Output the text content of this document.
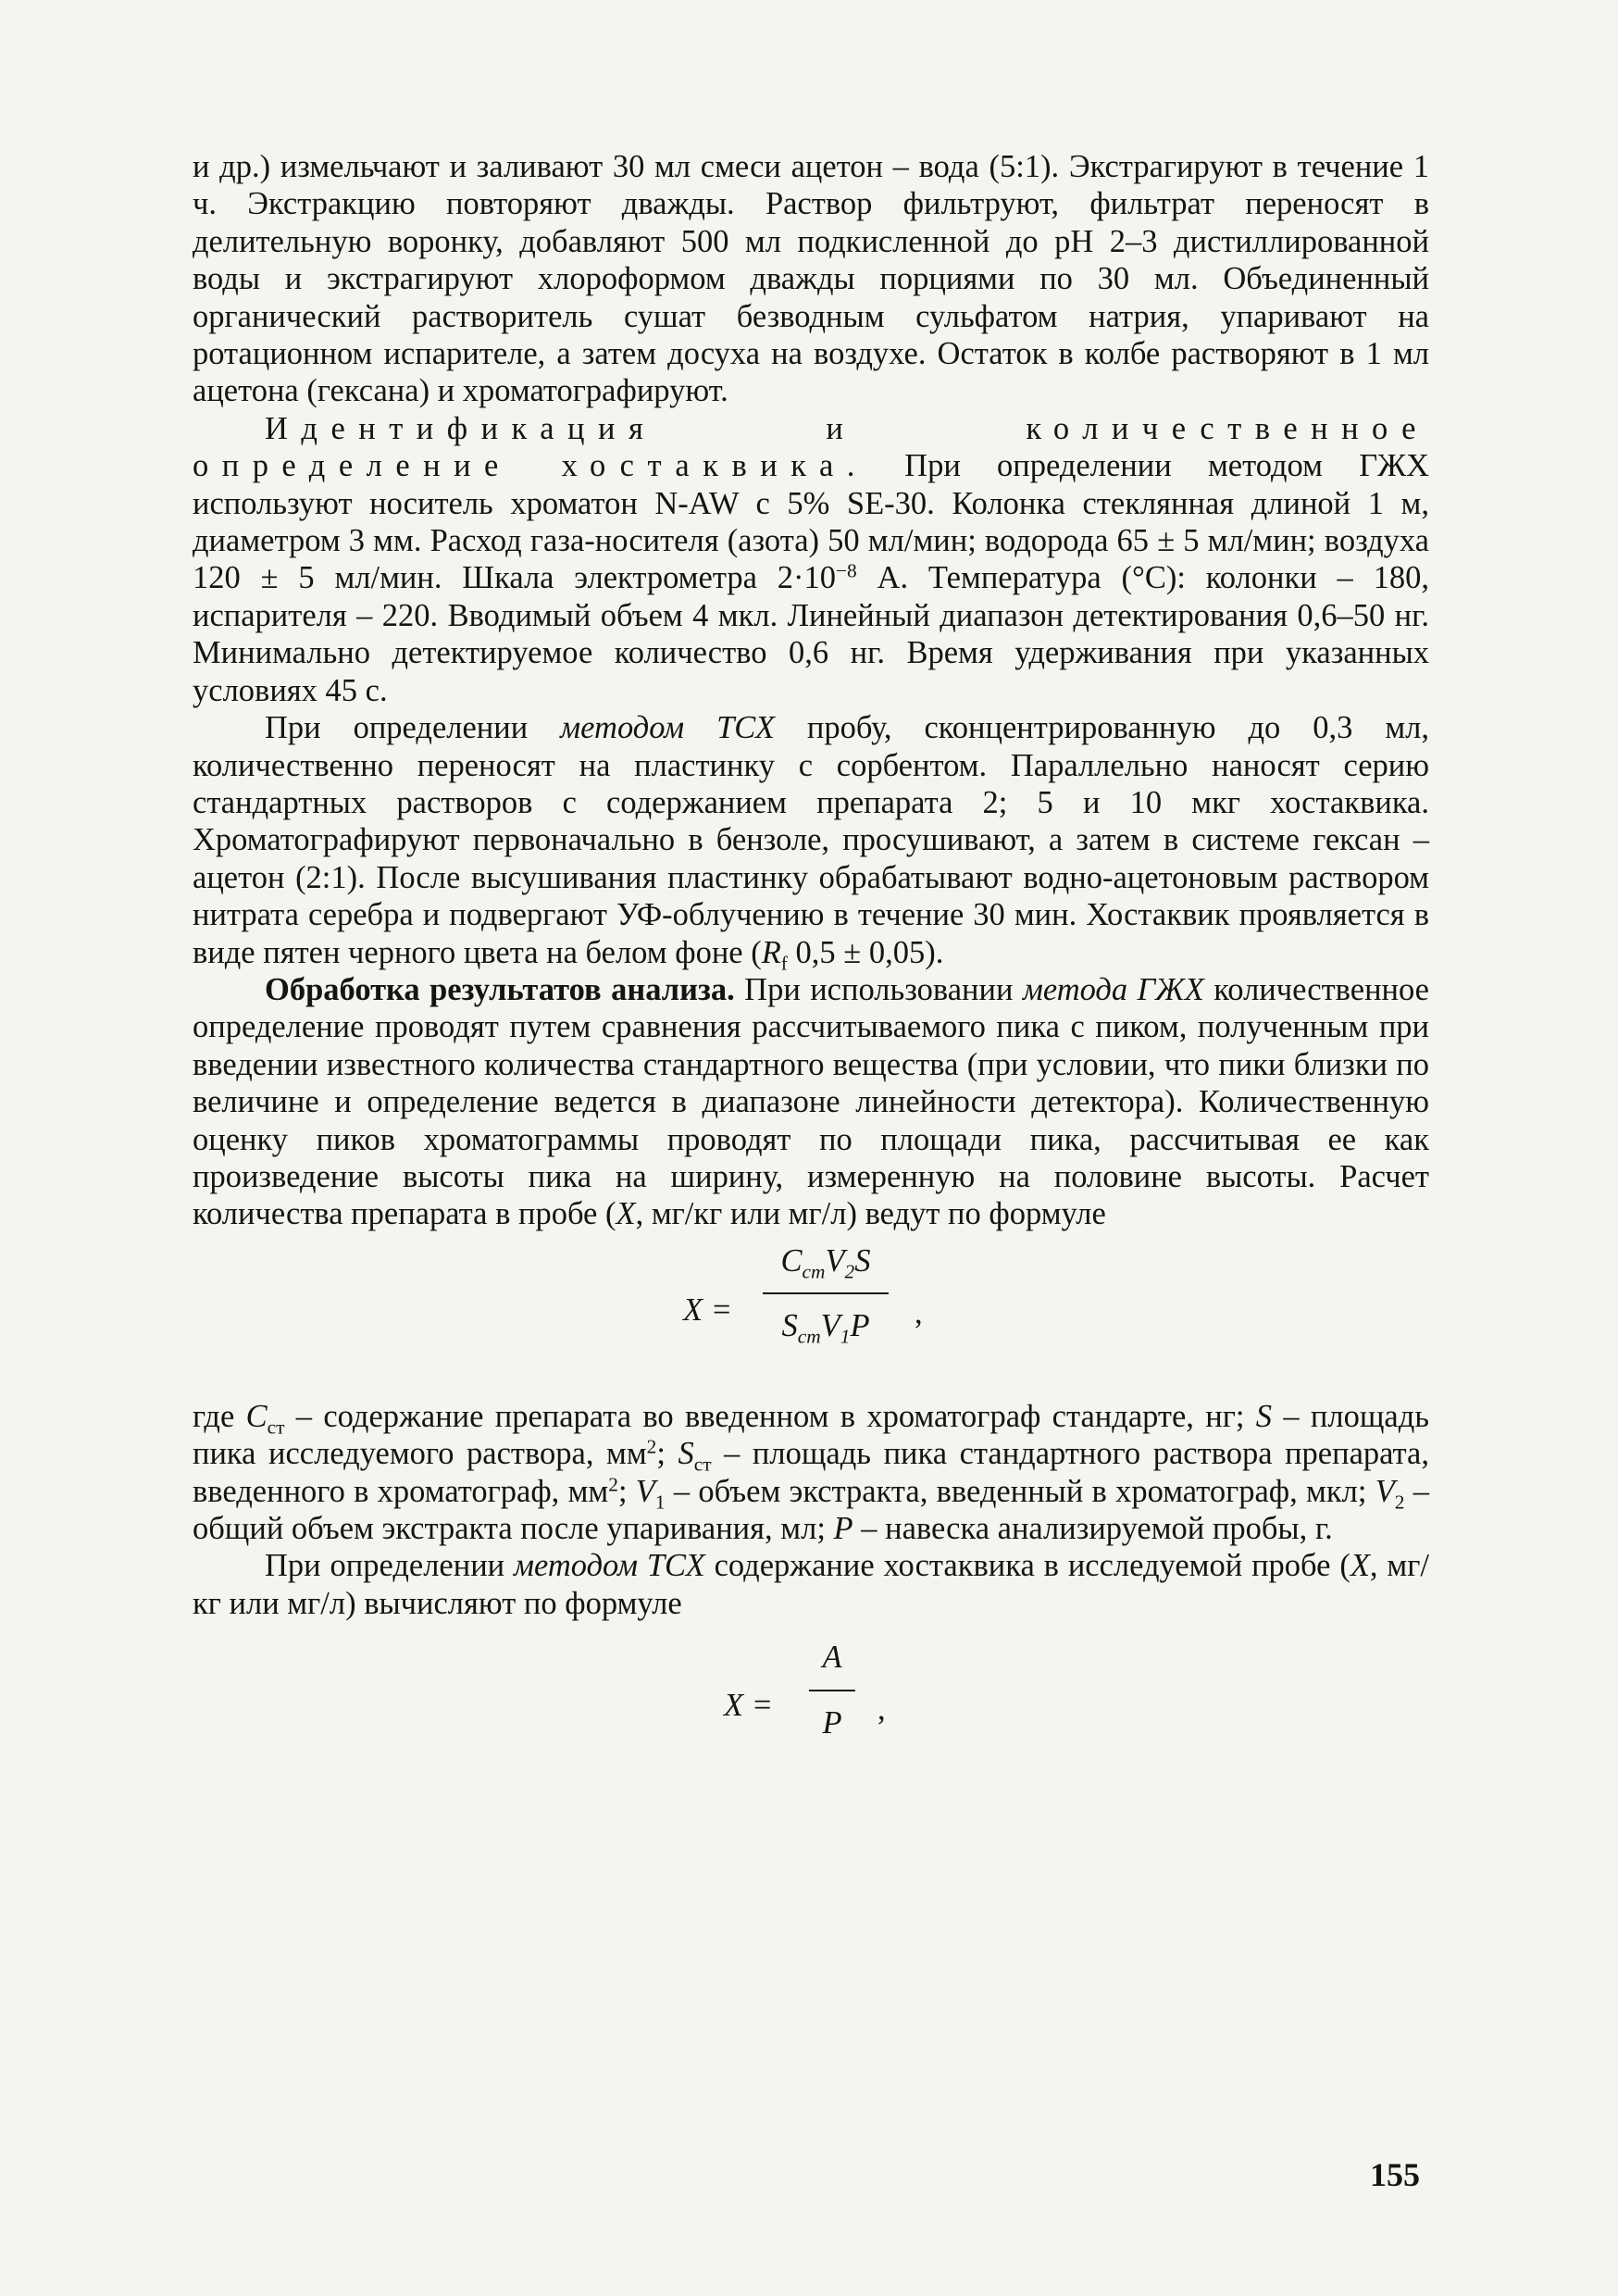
и др.) измельчают и заливают 30 мл смеси ацетон – вода (5:1). Экстрагируют в течение 1 ч. Экстракцию повторяют дважды. Раствор фильтруют, фильтрат переносят в делительную воронку, добавляют 500 мл подкисленной до pH 2–3 дистиллированной воды и экстрагируют хлороформом дважды порциями по 30 мл. Объединенный органический растворитель сушат безводным сульфатом натрия, упаривают на ротационном испарителе, а затем досуха на воздухе. Остаток в колбе растворяют в 1 мл ацетона (гексана) и хроматографируют.

Идентификация и количественное определение хостаквика. При определении методом ГЖХ используют носитель хроматон N-AW с 5% SE-30. Колонка стеклянная длиной 1 м, диаметром 3 мм. Расход газа-носителя (азота) 50 мл/мин; водорода 65 ± 5 мл/мин; воздуха 120 ± 5 мл/мин. Шкала электрометра $2\cdot 10^{-8}$ А. Температура (°С): колонки – 180, испарителя – 220. Вводимый объем 4 мкл. Линейный диапазон детектирования 0,6–50 нг. Минимально детектируемое количество 0,6 нг. Время удерживания при указанных условиях 45 с.

При определении методом ТСХ пробу, сконцентрированную до 0,3 мл, количественно переносят на пластинку с сорбентом. Параллельно наносят серию стандартных растворов с содержанием препарата 2; 5 и 10 мкг хостаквика. Хроматографируют первоначально в бензоле, просушивают, а затем в системе гексан – ацетон (2:1). После высушивания пластинку обрабатывают водно-ацетоновым раствором нитрата серебра и подвергают УФ-облучению в течение 30 мин. Хостаквик проявляется в виде пятен черного цвета на белом фоне ($R_f$ 0,5 ± 0,05).

Обработка результатов анализа. При использовании метода ГЖХ количественное определение проводят путем сравнения рассчитываемого пика с пиком, полученным при введении известного количества стандартного вещества (при условии, что пики близки по величине и определение ведется в диапазоне линейности детектора). Количественную оценку пиков хроматограммы проводят по площади пика, рассчитывая ее как произведение высоты пика на ширину, измеренную на половине высоты. Расчет количества препарата в пробе (X, мг/кг или мг/л) ведут по формуле

X =
$C_{ст}V_2S$
$S_{ст}V_1P$	,

где $C_{ст}$ – содержание препарата во введенном в хроматограф стандарте, нг; S – площадь пика исследуемого раствора, $мм^2$; $S_{ст}$ – площадь пика стандартного раствора препарата, введенного в хроматограф, $мм^2$; $V_1$ – объем экстракта, введенный в хроматограф, мкл; $V_2$ – общий объем экстракта после упаривания, мл; P – навеска анализируемой пробы, г.

При определении методом ТСХ содержание хостаквика в исследуемой пробе (X, мг/кг или мг/л) вычисляют по формуле

X =
A
P	,
155
